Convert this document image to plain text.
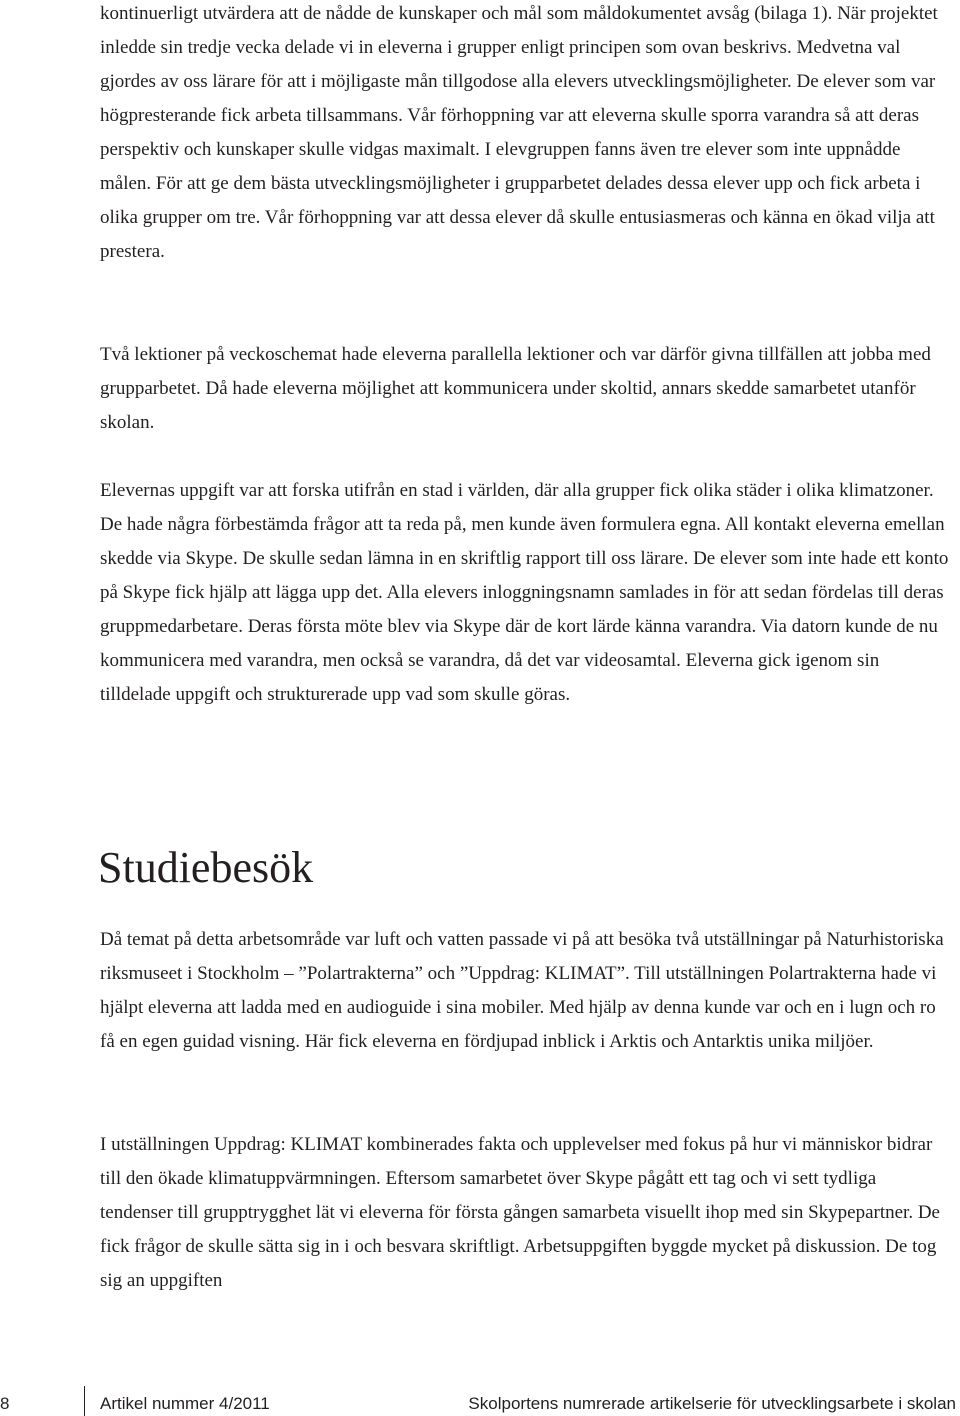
kontinuerligt utvärdera att de nådde de kunskaper och mål som måldokumentet avsåg (bilaga 1). När projektet inledde sin tredje vecka delade vi in eleverna i grupper enligt principen som ovan beskrivs. Medvetna val gjordes av oss lärare för att i möjligaste mån tillgodose alla elevers utvecklingsmöjligheter. De elever som var högpresterande fick arbeta tillsammans. Vår förhoppning var att eleverna skulle sporra varandra så att deras perspektiv och kunskaper skulle vidgas maximalt. I elevgruppen fanns även tre elever som inte uppnådde målen. För att ge dem bästa utvecklingsmöjligheter i grupparbetet delades dessa elever upp och fick arbeta i olika grupper om tre. Vår förhoppning var att dessa elever då skulle entusiasmeras och känna en ökad vilja att prestera.

Två lektioner på veckoschemat hade eleverna parallella lektioner och var därför givna tillfällen att jobba med grupparbetet. Då hade eleverna möjlighet att kommunicera under skoltid, annars skedde samarbetet utanför skolan.

Elevernas uppgift var att forska utifrån en stad i världen, där alla grupper fick olika städer i olika klimatzoner. De hade några förbestämda frågor att ta reda på, men kunde även formulera egna. All kontakt eleverna emellan skedde via Skype. De skulle sedan lämna in en skriftlig rapport till oss lärare. De elever som inte hade ett konto på Skype fick hjälp att lägga upp det. Alla elevers inloggningsnamn samlades in för att sedan fördelas till deras gruppmedarbetare. Deras första möte blev via Skype där de kort lärde känna varandra. Via datorn kunde de nu kommunicera med varandra, men också se varandra, då det var videosamtal. Eleverna gick igenom sin tilldelade uppgift och strukturerade upp vad som skulle göras.

Studiebesök

Då temat på detta arbetsområde var luft och vatten passade vi på att besöka två utställningar på Naturhistoriska riksmuseet i Stockholm – ”Polartrakterna” och ”Uppdrag: KLIMAT”. Till utställningen Polartrakterna hade vi hjälpt eleverna att ladda med en audioguide i sina mobiler. Med hjälp av denna kunde var och en i lugn och ro få en egen guidad visning. Här fick eleverna en fördjupad inblick i Arktis och Antarktis unika miljöer.

I utställningen Uppdrag: KLIMAT kombinerades fakta och upplevelser med fokus på hur vi människor bidrar till den ökade klimatuppvärmningen. Eftersom samarbetet över Skype pågått ett tag och vi sett tydliga tendenser till grupptrygghet lät vi eleverna för första gången samarbeta visuellt ihop med sin Skypepartner. De fick frågor de skulle sätta sig in i och besvara skriftligt. Arbetsuppgiften byggde mycket på diskussion. De tog sig an uppgiften

8	Artikel nummer 4/2011	Skolportens numrerade artikelserie för utvecklingsarbete i skolan
